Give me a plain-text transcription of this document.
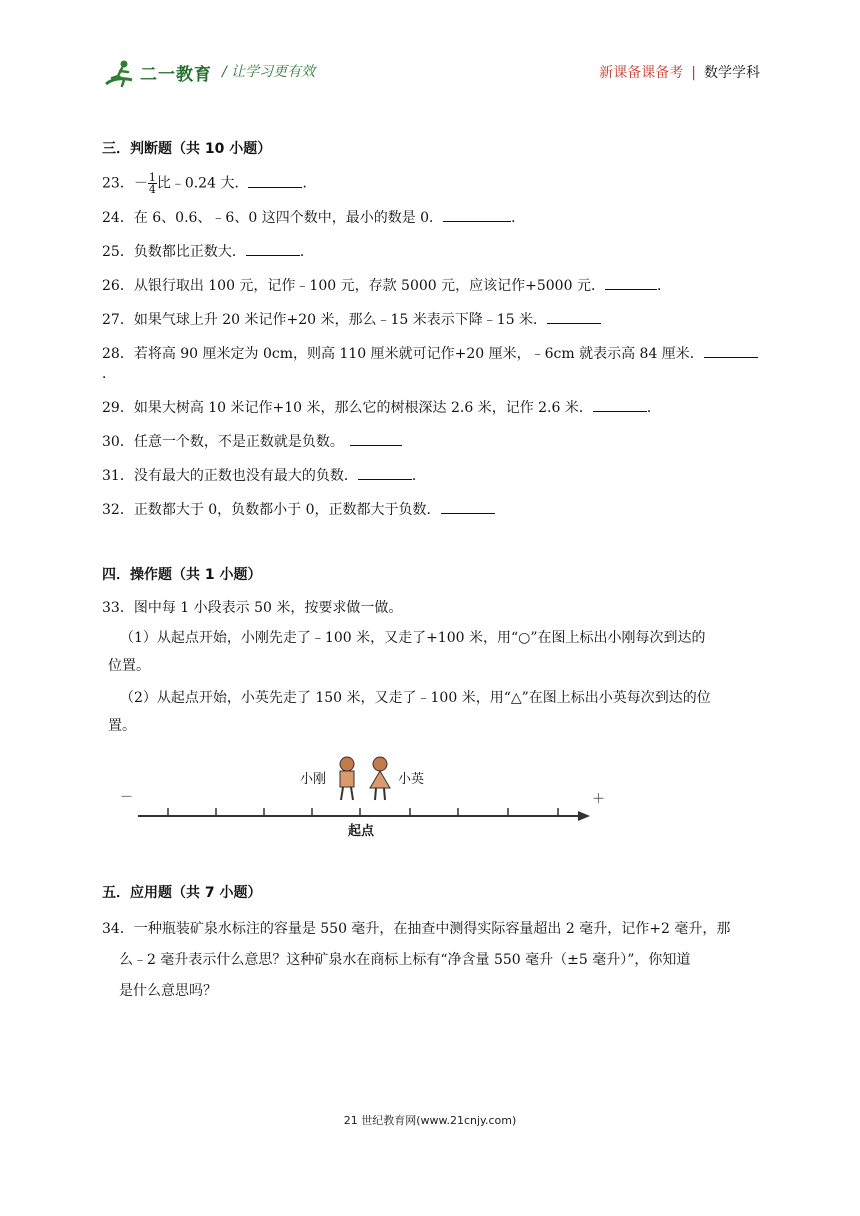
二一教育 / 让学习更有效	新课备课备考 | 数学学科

三．判断题（共 10 小题）

23．－ $\frac{1}{4}$ 比﹣0.24 大．	．

24．在 6、0.6、﹣6、0 这四个数中，最小的数是 0．	．

25．负数都比正数大．	．

26．从银行取出 100 元，记作﹣100 元，存款 5000 元，应该记作+5000 元．	．

27．如果气球上升 20 米记作+20 米，那么﹣15 米表示下降﹣15 米．

28．若将高 90 厘米定为 0cm，则高 110 厘米就可记作+20 厘米，﹣6cm 就表示高 84 厘米．．

29．如果大树高 10 米记作+10 米，那么它的树根深达 2.6 米，记作 2.6 米．	．

30．任意一个数，不是正数就是负数。

31．没有最大的正数也没有最大的负数．	．

32．正数都大于 0，负数都小于 0，正数都大于负数．

四．操作题（共 1 小题）

33．图中每 1 小段表示 50 米，按要求做一做。

（1）从起点开始，小刚先走了﹣100 米，又走了+100 米，用“○”在图上标出小刚每次到达的

位置。

（2）从起点开始，小英先走了 150 米，又走了﹣100 米，用“△”在图上标出小英每次到达的位

置。

－	＋
小刚	小英
起点

五．应用题（共 7 小题）

34．一种瓶装矿泉水标注的容量是 550 毫升，在抽查中测得实际容量超出 2 毫升，记作+2 毫升，那

么﹣2 毫升表示什么意思？这种矿泉水在商标上标有“净含量 550 毫升（±5 毫升）”，你知道

是什么意思吗？

21 世纪教育网(www.21cnjy.com)
